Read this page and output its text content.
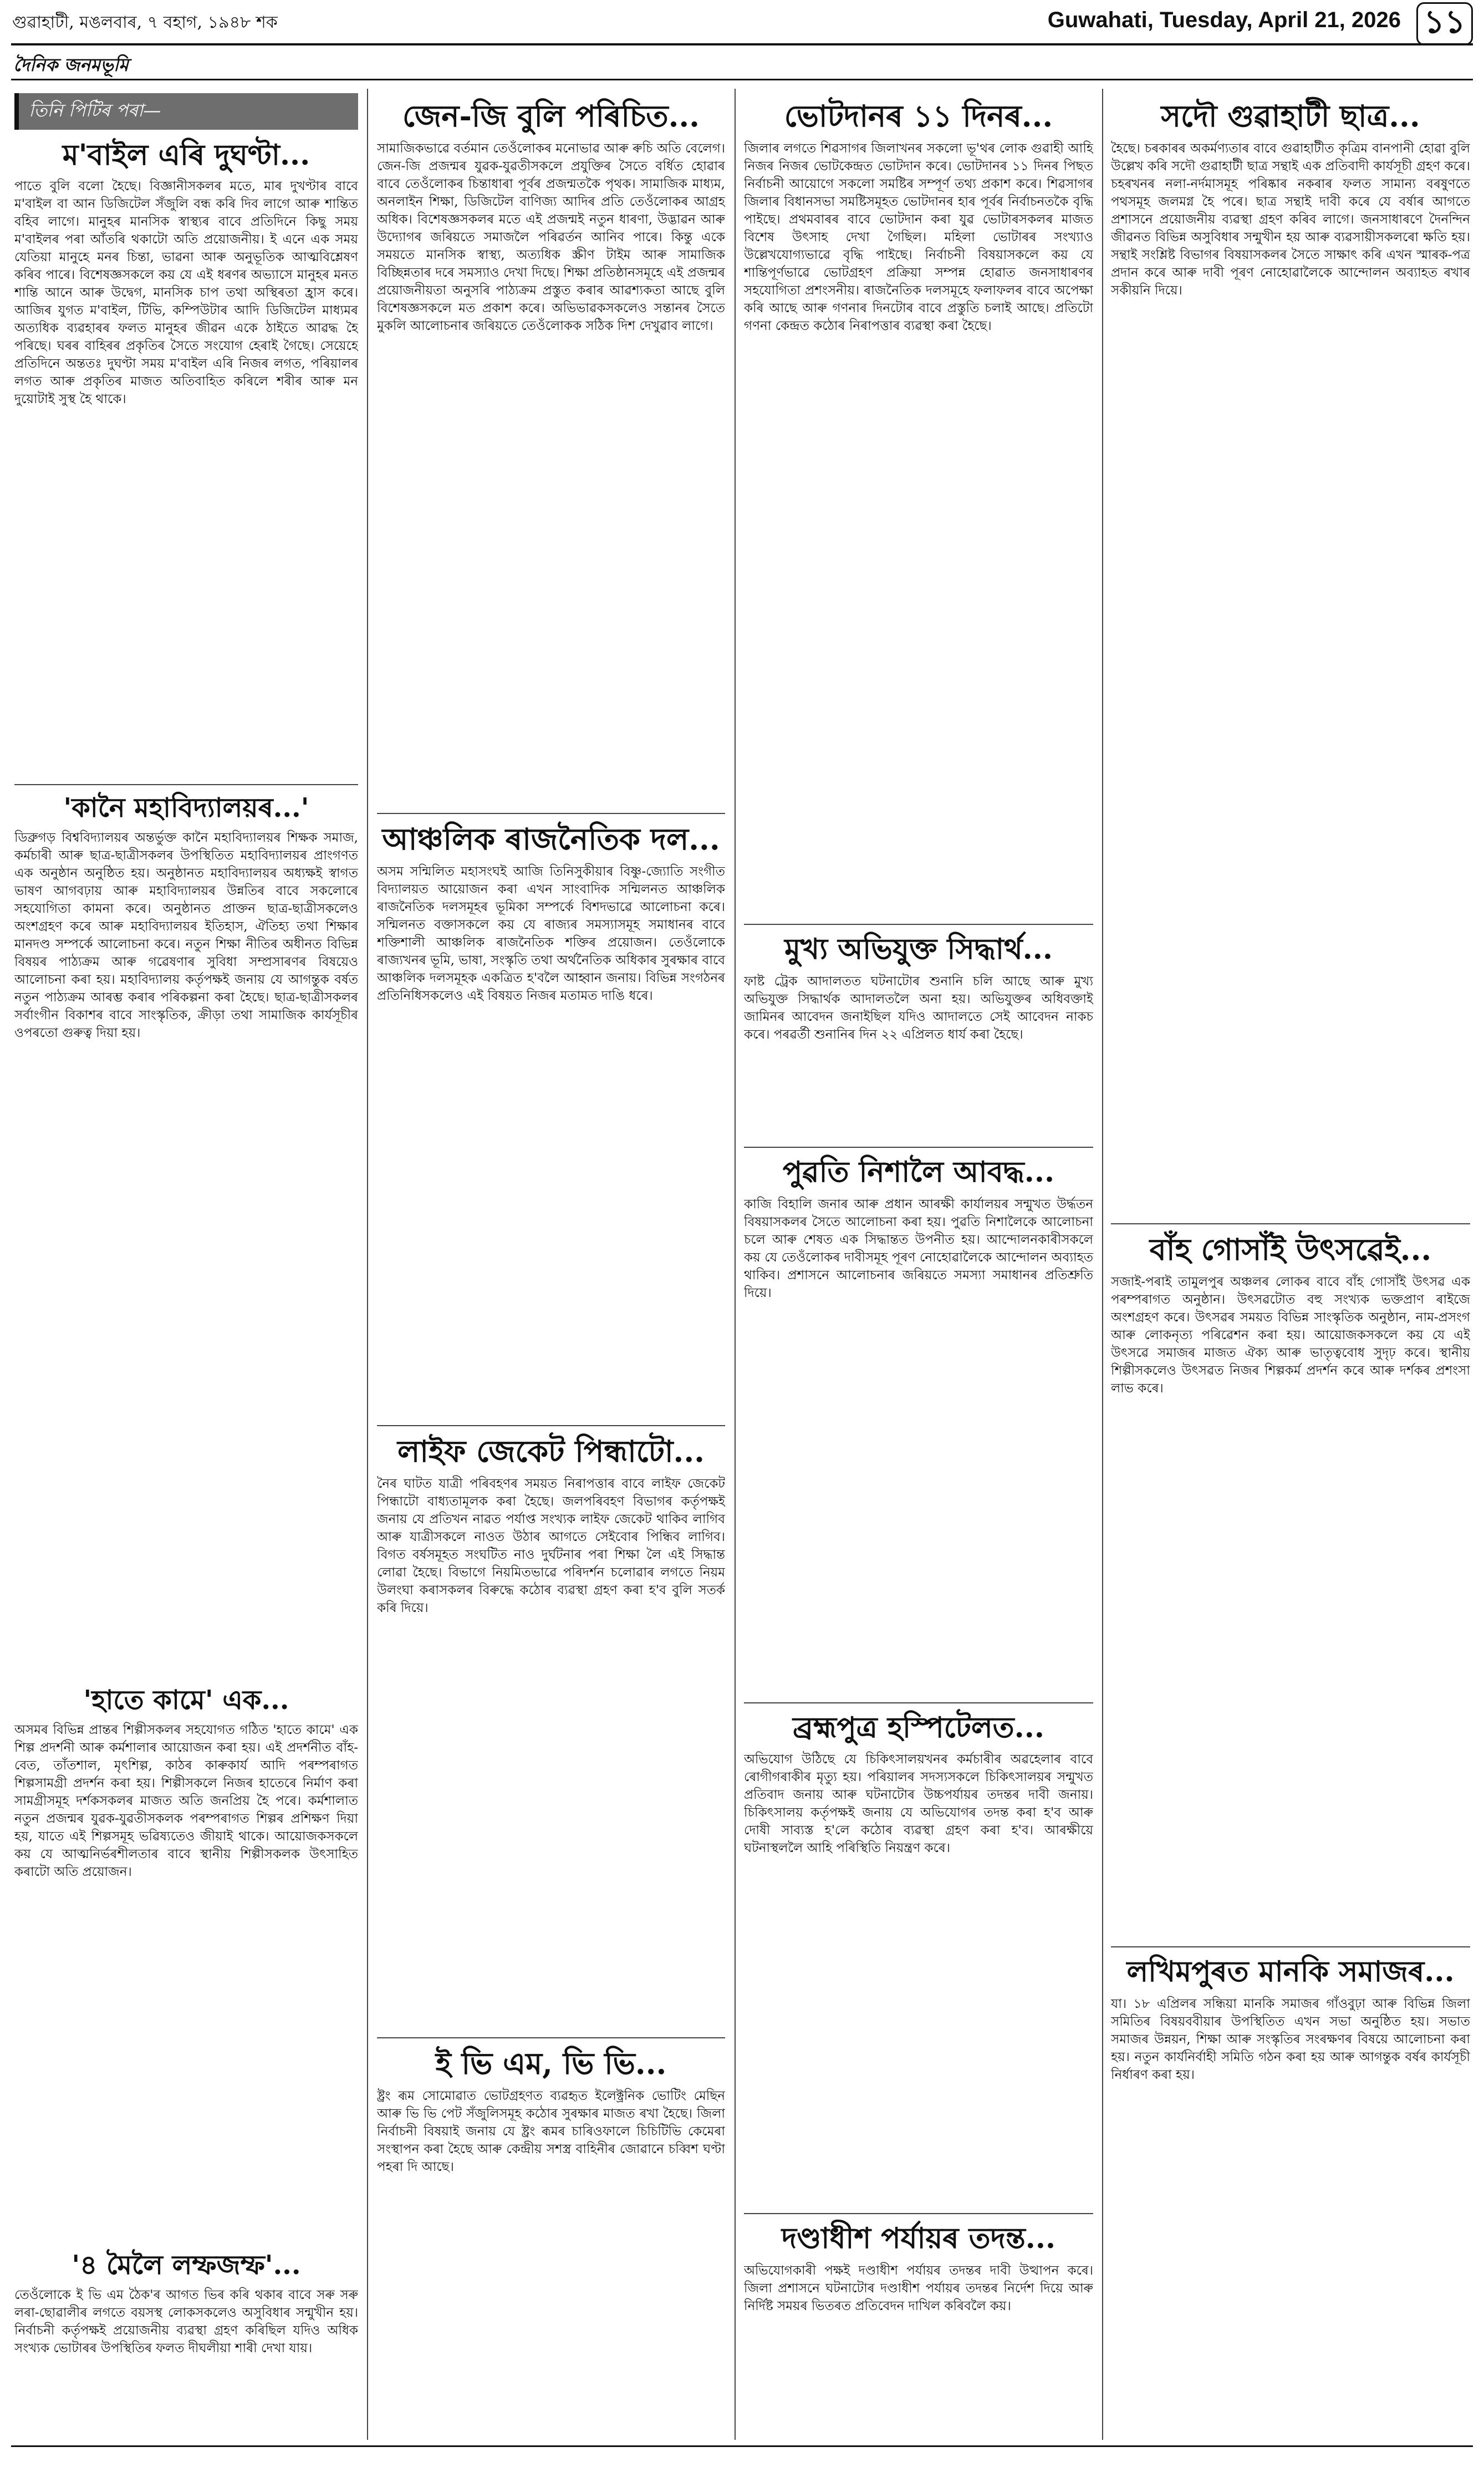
গুৱাহাটী, মঙলবাৰ, ৭ বহাগ, ১৯৪৮ শক	Guwahati, Tuesday, April 21, 2026 ১১
দৈনিক জনমভূমি
তিনি পিটিৰ পৰা—
ম'বাইল এৰি দুঘণ্টা...

পাতে বুলি বলো হৈছে। বিজ্ঞানীসকলৰ মতে, মাৰ দুখণ্টাৰ বাবে ম'বাইল বা আন ডিজিটেল সঁজুলি বন্ধ কৰি দিব লাগে আৰু শান্তিত বহিব লাগে। মানুহৰ মানসিক স্বাস্থ্যৰ বাবে প্ৰতিদিনে কিছু সময় ম'বাইলৰ পৰা আঁতৰি থকাটো অতি প্ৰয়োজনীয়। ই এনে এক সময় যেতিয়া মানুহে মনৰ চিন্তা, ভাৱনা আৰু অনুভূতিক আত্মবিশ্লেষণ কৰিব পাৰে। বিশেষজ্ঞসকলে কয় যে এই ধৰণৰ অভ্যাসে মানুহৰ মনত শান্তি আনে আৰু উদ্বেগ, মানসিক চাপ তথা অস্থিৰতা হ্ৰাস কৰে। আজিৰ যুগত ম'বাইল, টিভি, কম্পিউটাৰ আদি ডিজিটেল মাধ্যমৰ অত্যধিক ব্যৱহাৰৰ ফলত মানুহৰ জীৱন একে ঠাইতে আৱদ্ধ হৈ পৰিছে। ঘৰৰ বাহিৰৰ প্ৰকৃতিৰ সৈতে সংযোগ হেৰাই গৈছে। সেয়েহে প্ৰতিদিনে অন্ততঃ দুঘণ্টা সময় ম'বাইল এৰি নিজৰ লগত, পৰিয়ালৰ লগত আৰু প্ৰকৃতিৰ মাজত অতিবাহিত কৰিলে শৰীৰ আৰু মন দুয়োটাই সুস্থ হৈ থাকে।

'কানৈ মহাবিদ্যালয়ৰ...'

ডিব্ৰুগড় বিশ্ববিদ্যালয়ৰ অন্তৰ্ভুক্ত কানৈ মহাবিদ্যালয়ৰ শিক্ষক সমাজ, কৰ্মচাৰী আৰু ছাত্ৰ-ছাত্ৰীসকলৰ উপস্থিতিত মহাবিদ্যালয়ৰ প্ৰাংগণত এক অনুষ্ঠান অনুষ্ঠিত হয়। অনুষ্ঠানত মহাবিদ্যালয়ৰ অধ্যক্ষই স্বাগত ভাষণ আগবঢ়ায় আৰু মহাবিদ্যালয়ৰ উন্নতিৰ বাবে সকলোৰে সহযোগিতা কামনা কৰে। অনুষ্ঠানত প্ৰাক্তন ছাত্ৰ-ছাত্ৰীসকলেও অংশগ্ৰহণ কৰে আৰু মহাবিদ্যালয়ৰ ইতিহাস, ঐতিহ্য তথা শিক্ষাৰ মানদণ্ড সম্পৰ্কে আলোচনা কৰে। নতুন শিক্ষা নীতিৰ অধীনত বিভিন্ন বিষয়ৰ পাঠ্যক্ৰম আৰু গৱেষণাৰ সুবিধা সম্প্ৰসাৰণৰ বিষয়েও আলোচনা কৰা হয়। মহাবিদ্যালয় কৰ্তৃপক্ষই জনায় যে আগন্তুক বৰ্ষত নতুন পাঠ্যক্ৰম আৰম্ভ কৰাৰ পৰিকল্পনা কৰা হৈছে। ছাত্ৰ-ছাত্ৰীসকলৰ সৰ্বাংগীন বিকাশৰ বাবে সাংস্কৃতিক, ক্ৰীড়া তথা সামাজিক কাৰ্যসূচীৰ ওপৰতো গুৰুত্ব দিয়া হয়।

'হাতে কামে' এক...

অসমৰ বিভিন্ন প্ৰান্তৰ শিল্পীসকলৰ সহযোগত গঠিত 'হাতে কামে' এক শিল্প প্ৰদৰ্শনী আৰু কৰ্মশালাৰ আয়োজন কৰা হয়। এই প্ৰদৰ্শনীত বাঁহ-বেত, তাঁতশাল, মৃৎশিল্প, কাঠৰ কাৰুকাৰ্য আদি পৰম্পৰাগত শিল্পসামগ্ৰী প্ৰদৰ্শন কৰা হয়। শিল্পীসকলে নিজৰ হাতেৰে নিৰ্মাণ কৰা সামগ্ৰীসমূহ দৰ্শকসকলৰ মাজত অতি জনপ্ৰিয় হৈ পৰে। কৰ্মশালাত নতুন প্ৰজন্মৰ যুৱক-যুৱতীসকলক পৰম্পৰাগত শিল্পৰ প্ৰশিক্ষণ দিয়া হয়, যাতে এই শিল্পসমূহ ভৱিষ্যতেও জীয়াই থাকে। আয়োজকসকলে কয় যে আত্মনিৰ্ভৰশীলতাৰ বাবে স্থানীয় শিল্পীসকলক উৎসাহিত কৰাটো অতি প্ৰয়োজন।

'৪ মৈলৈ লম্ফজম্ফ'...

তেওঁলোকে ই ভি এম ঠৈক'ৰ আগত ভিৰ কৰি থকাৰ বাবে সৰু সৰু লৰা-ছোৱালীৰ লগতে বয়সস্থ লোকসকলেও অসুবিধাৰ সন্মুখীন হয়। নিৰ্বাচনী কৰ্তৃপক্ষই প্ৰয়োজনীয় ব্যৱস্থা গ্ৰহণ কৰিছিল যদিও অধিক সংখ্যক ভোটাৰৰ উপস্থিতিৰ ফলত দীঘলীয়া শাৰী দেখা যায়।

জেন-জি বুলি পৰিচিত...

সামাজিকভাৱে বৰ্তমান তেওঁলোকৰ মনোভাৱ আৰু ৰুচি অতি বেলেগ। জেন-জি প্ৰজন্মৰ যুৱক-যুৱতীসকলে প্ৰযুক্তিৰ সৈতে বৰ্ধিত হোৱাৰ বাবে তেওঁলোকৰ চিন্তাধাৰা পূৰ্বৰ প্ৰজন্মতকৈ পৃথক। সামাজিক মাধ্যম, অনলাইন শিক্ষা, ডিজিটেল বাণিজ্য আদিৰ প্ৰতি তেওঁলোকৰ আগ্ৰহ অধিক। বিশেষজ্ঞসকলৰ মতে এই প্ৰজন্মই নতুন ধাৰণা, উদ্ভাৱন আৰু উদ্যোগৰ জৰিয়তে সমাজলৈ পৰিৱৰ্তন আনিব পাৰে। কিন্তু একে সময়তে মানসিক স্বাস্থ্য, অত্যধিক স্ক্ৰীণ টাইম আৰু সামাজিক বিচ্ছিন্নতাৰ দৰে সমস্যাও দেখা দিছে। শিক্ষা প্ৰতিষ্ঠানসমূহে এই প্ৰজন্মৰ প্ৰয়োজনীয়তা অনুসৰি পাঠ্যক্ৰম প্ৰস্তুত কৰাৰ আৱশ্যকতা আছে বুলি বিশেষজ্ঞসকলে মত প্ৰকাশ কৰে। অভিভাৱকসকলেও সন্তানৰ সৈতে মুকলি আলোচনাৰ জৰিয়তে তেওঁলোকক সঠিক দিশ দেখুৱাব লাগে।

আঞ্চলিক ৰাজনৈতিক দল...

অসম সন্মিলিত মহাসংঘই আজি তিনিসুকীয়াৰ বিষ্ণু-জ্যোতি সংগীত বিদ্যালয়ত আয়োজন কৰা এখন সাংবাদিক সন্মিলনত আঞ্চলিক ৰাজনৈতিক দলসমূহৰ ভূমিকা সম্পৰ্কে বিশদভাৱে আলোচনা কৰে। সন্মিলনত বক্তাসকলে কয় যে ৰাজ্যৰ সমস্যাসমূহ সমাধানৰ বাবে শক্তিশালী আঞ্চলিক ৰাজনৈতিক শক্তিৰ প্ৰয়োজন। তেওঁলোকে ৰাজ্যখনৰ ভূমি, ভাষা, সংস্কৃতি তথা অৰ্থনৈতিক অধিকাৰ সুৰক্ষাৰ বাবে আঞ্চলিক দলসমূহক একত্ৰিত হ'বলৈ আহ্বান জনায়। বিভিন্ন সংগঠনৰ প্ৰতিনিধিসকলেও এই বিষয়ত নিজৰ মতামত দাঙি ধৰে।

লাইফ জেকেট পিন্ধাটো...

নৈৰ ঘাটত যাত্ৰী পৰিবহণৰ সময়ত নিৰাপত্তাৰ বাবে লাইফ জেকেট পিন্ধাটো বাধ্যতামূলক কৰা হৈছে। জলপৰিবহণ বিভাগৰ কৰ্তৃপক্ষই জনায় যে প্ৰতিখন নাৱত পৰ্যাপ্ত সংখ্যক লাইফ জেকেট থাকিব লাগিব আৰু যাত্ৰীসকলে নাওত উঠাৰ আগতে সেইবোৰ পিন্ধিব লাগিব। বিগত বৰ্ষসমূহত সংঘটিত নাও দুৰ্ঘটনাৰ পৰা শিক্ষা লৈ এই সিদ্ধান্ত লোৱা হৈছে। বিভাগে নিয়মিতভাৱে পৰিদৰ্শন চলোৱাৰ লগতে নিয়ম উলংঘা কৰাসকলৰ বিৰুদ্ধে কঠোৰ ব্যৱস্থা গ্ৰহণ কৰা হ'ব বুলি সতৰ্ক কৰি দিয়ে।

ই ভি এম, ভি ভি...

ষ্ট্ৰং ৰূম সোমোৱাত ভোটগ্ৰহণত ব্যৱহৃত ইলেক্ট্ৰনিক ভোটিং মেছিন আৰু ভি ভি পেট সঁজুলিসমূহ কঠোৰ সুৰক্ষাৰ মাজত ৰখা হৈছে। জিলা নিৰ্বাচনী বিষয়াই জনায় যে ষ্ট্ৰং ৰূমৰ চাৰিওফালে চিচিটিভি কেমেৰা সংস্থাপন কৰা হৈছে আৰু কেন্দ্ৰীয় সশস্ত্ৰ বাহিনীৰ জোৱানে চব্বিশ ঘণ্টা পহৰা দি আছে।

ভোটদানৰ ১১ দিনৰ...

জিলাৰ লগতে শিৱসাগৰ জিলাখনৰ সকলো ভূ'থৰ লোক গুৱাহী আহি নিজৰ নিজৰ ভোটকেন্দ্ৰত ভোটদান কৰে। ভোটদানৰ ১১ দিনৰ পিছত নিৰ্বাচনী আয়োগে সকলো সমষ্টিৰ সম্পূৰ্ণ তথ্য প্ৰকাশ কৰে। শিৱসাগৰ জিলাৰ বিধানসভা সমষ্টিসমূহত ভোটদানৰ হাৰ পূৰ্বৰ নিৰ্বাচনতকৈ বৃদ্ধি পাইছে। প্ৰথমবাৰৰ বাবে ভোটদান কৰা যুৱ ভোটাৰসকলৰ মাজত বিশেষ উৎসাহ দেখা গৈছিল। মহিলা ভোটাৰৰ সংখ্যাও উল্লেখযোগ্যভাৱে বৃদ্ধি পাইছে। নিৰ্বাচনী বিষয়াসকলে কয় যে শান্তিপূৰ্ণভাৱে ভোটগ্ৰহণ প্ৰক্ৰিয়া সম্পন্ন হোৱাত জনসাধাৰণৰ সহযোগিতা প্ৰশংসনীয়। ৰাজনৈতিক দলসমূহে ফলাফলৰ বাবে অপেক্ষা কৰি আছে আৰু গণনাৰ দিনটোৰ বাবে প্ৰস্তুতি চলাই আছে। প্ৰতিটো গণনা কেন্দ্ৰত কঠোৰ নিৰাপত্তাৰ ব্যৱস্থা কৰা হৈছে।

মুখ্য অভিযুক্ত সিদ্ধাৰ্থ...

ফাষ্ট ট্ৰেক আদালতত ঘটনাটোৰ শুনানি চলি আছে আৰু মুখ্য অভিযুক্ত সিদ্ধাৰ্থক আদালতলৈ অনা হয়। অভিযুক্তৰ অধিবক্তাই জামিনৰ আবেদন জনাইছিল যদিও আদালতে সেই আবেদন নাকচ কৰে। পৰৱৰ্তী শুনানিৰ দিন ২২ এপ্ৰিলত ধাৰ্য কৰা হৈছে।

পুৱতি নিশালৈ আবদ্ধ...

কাজি বিহালি জনাৰ আৰু প্ৰধান আৰক্ষী কাৰ্যালয়ৰ সন্মুখত উৰ্দ্ধতন বিষয়াসকলৰ সৈতে আলোচনা কৰা হয়। পুৱতি নিশালৈকে আলোচনা চলে আৰু শেষত এক সিদ্ধান্তত উপনীত হয়। আন্দোলনকাৰীসকলে কয় যে তেওঁলোকৰ দাবীসমূহ পূৰণ নোহোৱালৈকে আন্দোলন অব্যাহত থাকিব। প্ৰশাসনে আলোচনাৰ জৰিয়তে সমস্যা সমাধানৰ প্ৰতিশ্ৰুতি দিয়ে।

ব্ৰহ্মপুত্ৰ হস্পিটেলত...

অভিযোগ উঠিছে যে চিকিৎসালয়খনৰ কৰ্মচাৰীৰ অৱহেলাৰ বাবে ৰোগীগৰাকীৰ মৃত্যু হয়। পৰিয়ালৰ সদস্যসকলে চিকিৎসালয়ৰ সন্মুখত প্ৰতিবাদ জনায় আৰু ঘটনাটোৰ উচ্চপৰ্যায়ৰ তদন্তৰ দাবী জনায়। চিকিৎসালয় কৰ্তৃপক্ষই জনায় যে অভিযোগৰ তদন্ত কৰা হ'ব আৰু দোষী সাব্যস্ত হ'লে কঠোৰ ব্যৱস্থা গ্ৰহণ কৰা হ'ব। আৰক্ষীয়ে ঘটনাস্থললৈ আহি পৰিস্থিতি নিয়ন্ত্ৰণ কৰে।

দণ্ডাধীশ পৰ্যায়ৰ তদন্ত...

অভিযোগকাৰী পক্ষই দণ্ডাধীশ পৰ্যায়ৰ তদন্তৰ দাবী উত্থাপন কৰে। জিলা প্ৰশাসনে ঘটনাটোৰ দণ্ডাধীশ পৰ্যায়ৰ তদন্তৰ নিৰ্দেশ দিয়ে আৰু নিৰ্দিষ্ট সময়ৰ ভিতৰত প্ৰতিবেদন দাখিল কৰিবলৈ কয়।

সদৌ গুৱাহাটী ছাত্ৰ...

হৈছে। চৰকাৰৰ অকৰ্মণ্যতাৰ বাবে গুৱাহাটীত কৃত্ৰিম বানপানী হোৱা বুলি উল্লেখ কৰি সদৌ গুৱাহাটী ছাত্ৰ সন্থাই এক প্ৰতিবাদী কাৰ্যসূচী গ্ৰহণ কৰে। চহৰখনৰ নলা-নৰ্দমাসমূহ পৰিষ্কাৰ নকৰাৰ ফলত সামান্য বৰষুণতে পথসমূহ জলমগ্ন হৈ পৰে। ছাত্ৰ সন্থাই দাবী কৰে যে বৰ্ষাৰ আগতে প্ৰশাসনে প্ৰয়োজনীয় ব্যৱস্থা গ্ৰহণ কৰিব লাগে। জনসাধাৰণে দৈনন্দিন জীৱনত বিভিন্ন অসুবিধাৰ সন্মুখীন হয় আৰু ব্যৱসায়ীসকলৰো ক্ষতি হয়। সন্থাই সংশ্লিষ্ট বিভাগৰ বিষয়াসকলৰ সৈতে সাক্ষাৎ কৰি এখন স্মাৰক-পত্ৰ প্ৰদান কৰে আৰু দাবী পূৰণ নোহোৱালৈকে আন্দোলন অব্যাহত ৰখাৰ সকীয়নি দিয়ে।

বাঁহ গোসাঁই উৎসৱেই...

সজাই-পৰাই তামুলপুৰ অঞ্চলৰ লোকৰ বাবে বাঁহ গোসাঁই উৎসৱ এক পৰম্পৰাগত অনুষ্ঠান। উৎসৱটোত বহু সংখ্যক ভক্তপ্ৰাণ ৰাইজে অংশগ্ৰহণ কৰে। উৎসৱৰ সময়ত বিভিন্ন সাংস্কৃতিক অনুষ্ঠান, নাম-প্ৰসংগ আৰু লোকনৃত্য পৰিৱেশন কৰা হয়। আয়োজকসকলে কয় যে এই উৎসৱে সমাজৰ মাজত ঐক্য আৰু ভাতৃত্ববোধ সুদৃঢ় কৰে। স্থানীয় শিল্পীসকলেও উৎসৱত নিজৰ শিল্পকৰ্ম প্ৰদৰ্শন কৰে আৰু দৰ্শকৰ প্ৰশংসা লাভ কৰে।

লখিমপুৰত মানকি সমাজৰ...

যা। ১৮ এপ্ৰিলৰ সন্ধিয়া মানকি সমাজৰ গাঁওবুঢ়া আৰু বিভিন্ন জিলা সমিতিৰ বিষয়ববীয়াৰ উপস্থিতিত এখন সভা অনুষ্ঠিত হয়। সভাত সমাজৰ উন্নয়ন, শিক্ষা আৰু সংস্কৃতিৰ সংৰক্ষণৰ বিষয়ে আলোচনা কৰা হয়। নতুন কাৰ্যনিৰ্বাহী সমিতি গঠন কৰা হয় আৰু আগন্তুক বৰ্ষৰ কাৰ্যসূচী নিৰ্ধাৰণ কৰা হয়।
